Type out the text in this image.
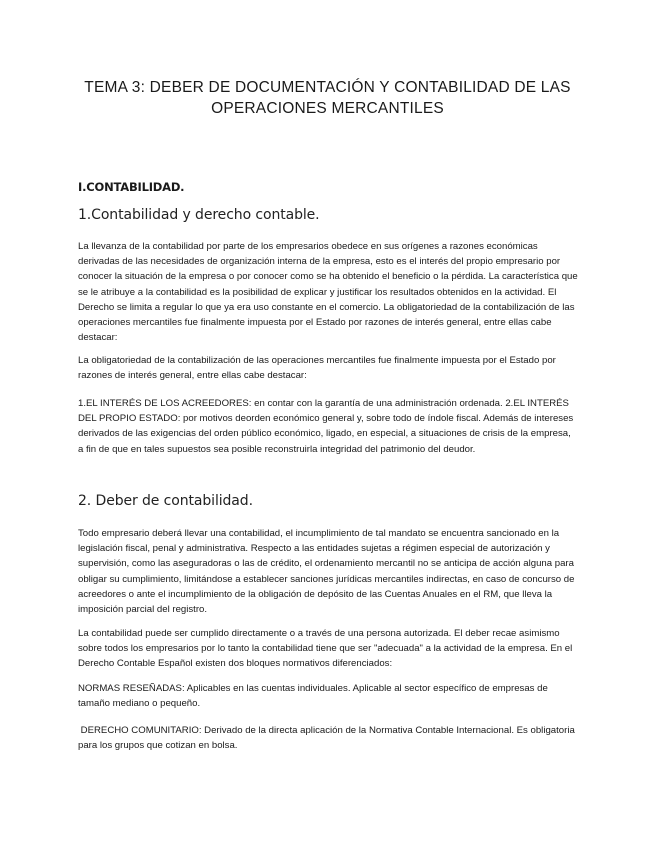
TEMA 3: DEBER DE DOCUMENTACIÓN Y CONTABILIDAD DE LAS
OPERACIONES MERCANTILES
I.CONTABILIDAD.
1.Contabilidad y derecho contable.

La llevanza de la contabilidad por parte de los empresarios obedece en sus orígenes a razones económicas derivadas de las necesidades de organización interna de la empresa, esto es el interés del propio empresario por conocer la situación de la empresa o por conocer como se ha obtenido el beneficio o la pérdida. La característica que se le atribuye a la contabilidad es la posibilidad de explicar y justificar los resultados obtenidos en la actividad. El Derecho se limita a regular lo que ya era uso constante en el comercio. La obligatoriedad de la contabilización de las operaciones mercantiles fue finalmente impuesta por el Estado por razones de interés general, entre ellas cabe destacar:

La obligatoriedad de la contabilización de las operaciones mercantiles fue finalmente impuesta por el Estado por razones de interés general, entre ellas cabe destacar:

1.EL INTERÉS DE LOS ACREEDORES: en contar con la garantía de una administración ordenada. 2.EL INTERÉS DEL PROPIO ESTADO: por motivos deorden económico general y, sobre todo de índole fiscal. Además de intereses derivados de las exigencias del orden público económico, ligado, en especial, a situaciones de crisis de la empresa, a fin de que en tales supuestos sea posible reconstruirla integridad del patrimonio del deudor.

2. Deber de contabilidad.

Todo empresario deberá llevar una contabilidad, el incumplimiento de tal mandato se encuentra sancionado en la legislación fiscal, penal y administrativa. Respecto a las entidades sujetas a régimen especial de autorización y supervisión, como las aseguradoras o las de crédito, el ordenamiento mercantil no se anticipa de acción alguna para obligar su cumplimiento, limitándose a establecer sanciones jurídicas mercantiles indirectas, en caso de concurso de acreedores o ante el incumplimiento de la obligación de depósito de las Cuentas Anuales en el RM, que lleva la imposición parcial del registro.

La contabilidad puede ser cumplido directamente o a través de una persona autorizada. El deber recae asimismo sobre todos los empresarios por lo tanto la contabilidad tiene que ser "adecuada" a la actividad de la empresa. En el Derecho Contable Español existen dos bloques normativos diferenciados:

NORMAS RESEÑADAS: Aplicables en las cuentas individuales. Aplicable al sector específico de empresas de tamaño mediano o pequeño.

DERECHO COMUNITARIO: Derivado de la directa aplicación de la Normativa Contable Internacional. Es obligatoria para los grupos que cotizan en bolsa.
